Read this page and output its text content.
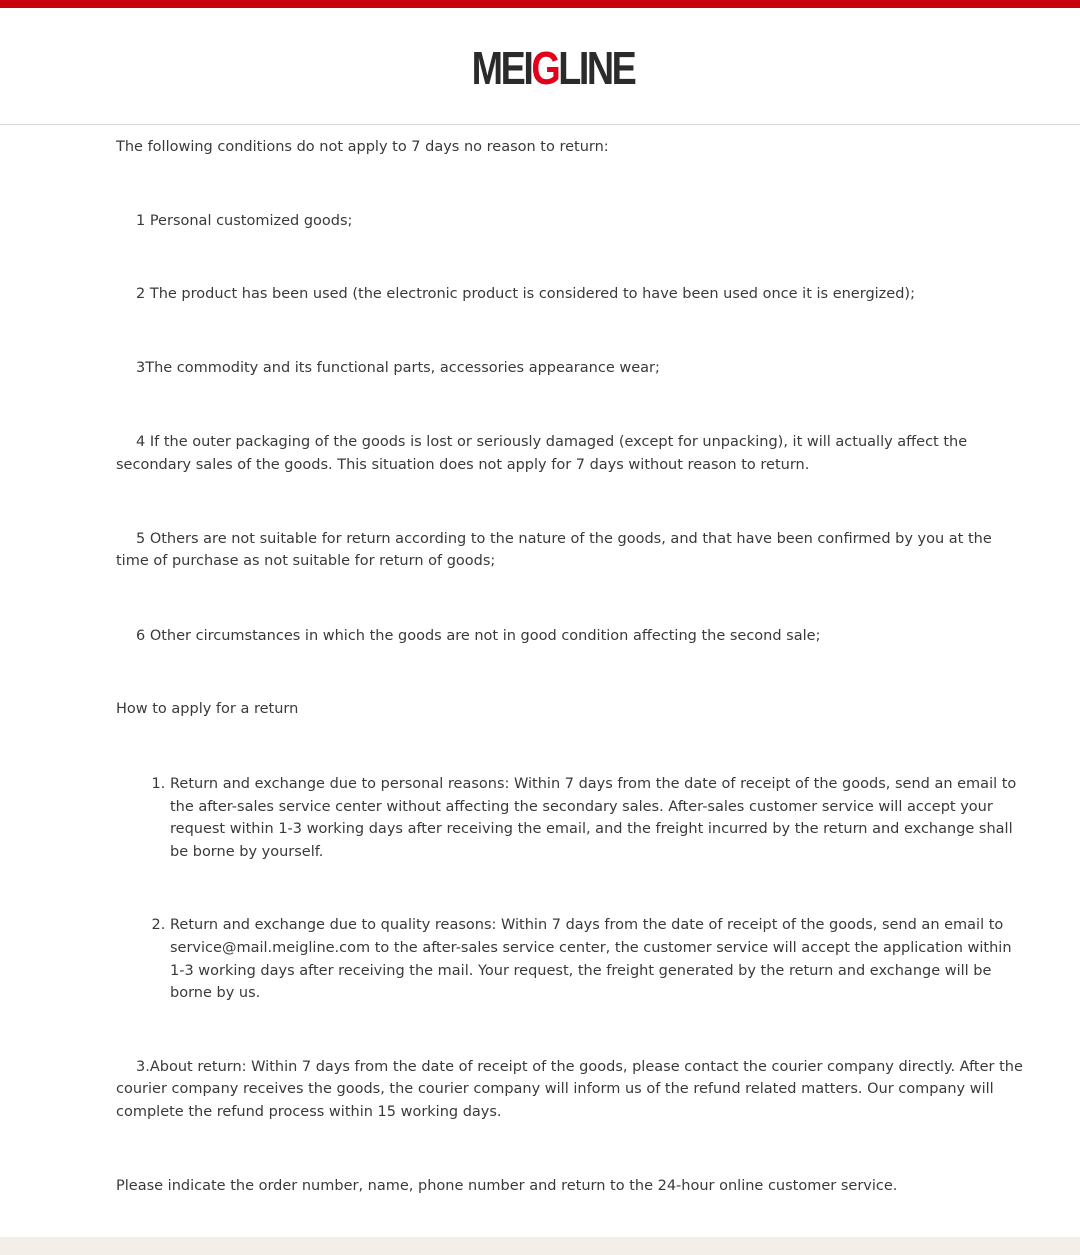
MEIGLINE

The following conditions do not apply to 7 days no reason to return:

1 Personal customized goods;

2 The product has been used (the electronic product is considered to have been used once it is energized);

3The commodity and its functional parts, accessories appearance wear;

4 If the outer packaging of the goods is lost or seriously damaged (except for unpacking), it will actually affect the secondary sales of the goods. This situation does not apply for 7 days without reason to return.

5 Others are not suitable for return according to the nature of the goods, and that have been confirmed by you at the time of purchase as not suitable for return of goods;

6 Other circumstances in which the goods are not in good condition affecting the second sale;

How to apply for a return

1. Return and exchange due to personal reasons: Within 7 days from the date of receipt of the goods, send an email to the after-sales service center without affecting the secondary sales. After-sales customer service will accept your request within 1-3 working days after receiving the email, and the freight incurred by the return and exchange shall be borne by yourself.
2. Return and exchange due to quality reasons: Within 7 days from the date of receipt of the goods, send an email to service@mail.meigline.com to the after-sales service center, the customer service will accept the application within 1-3 working days after receiving the mail. Your request, the freight generated by the return and exchange will be borne by us.

3.About return: Within 7 days from the date of receipt of the goods, please contact the courier company directly. After the courier company receives the goods, the courier company will inform us of the refund related matters. Our company will complete the refund process within 15 working days.

Please indicate the order number, name, phone number and return to the 24-hour online customer service.
